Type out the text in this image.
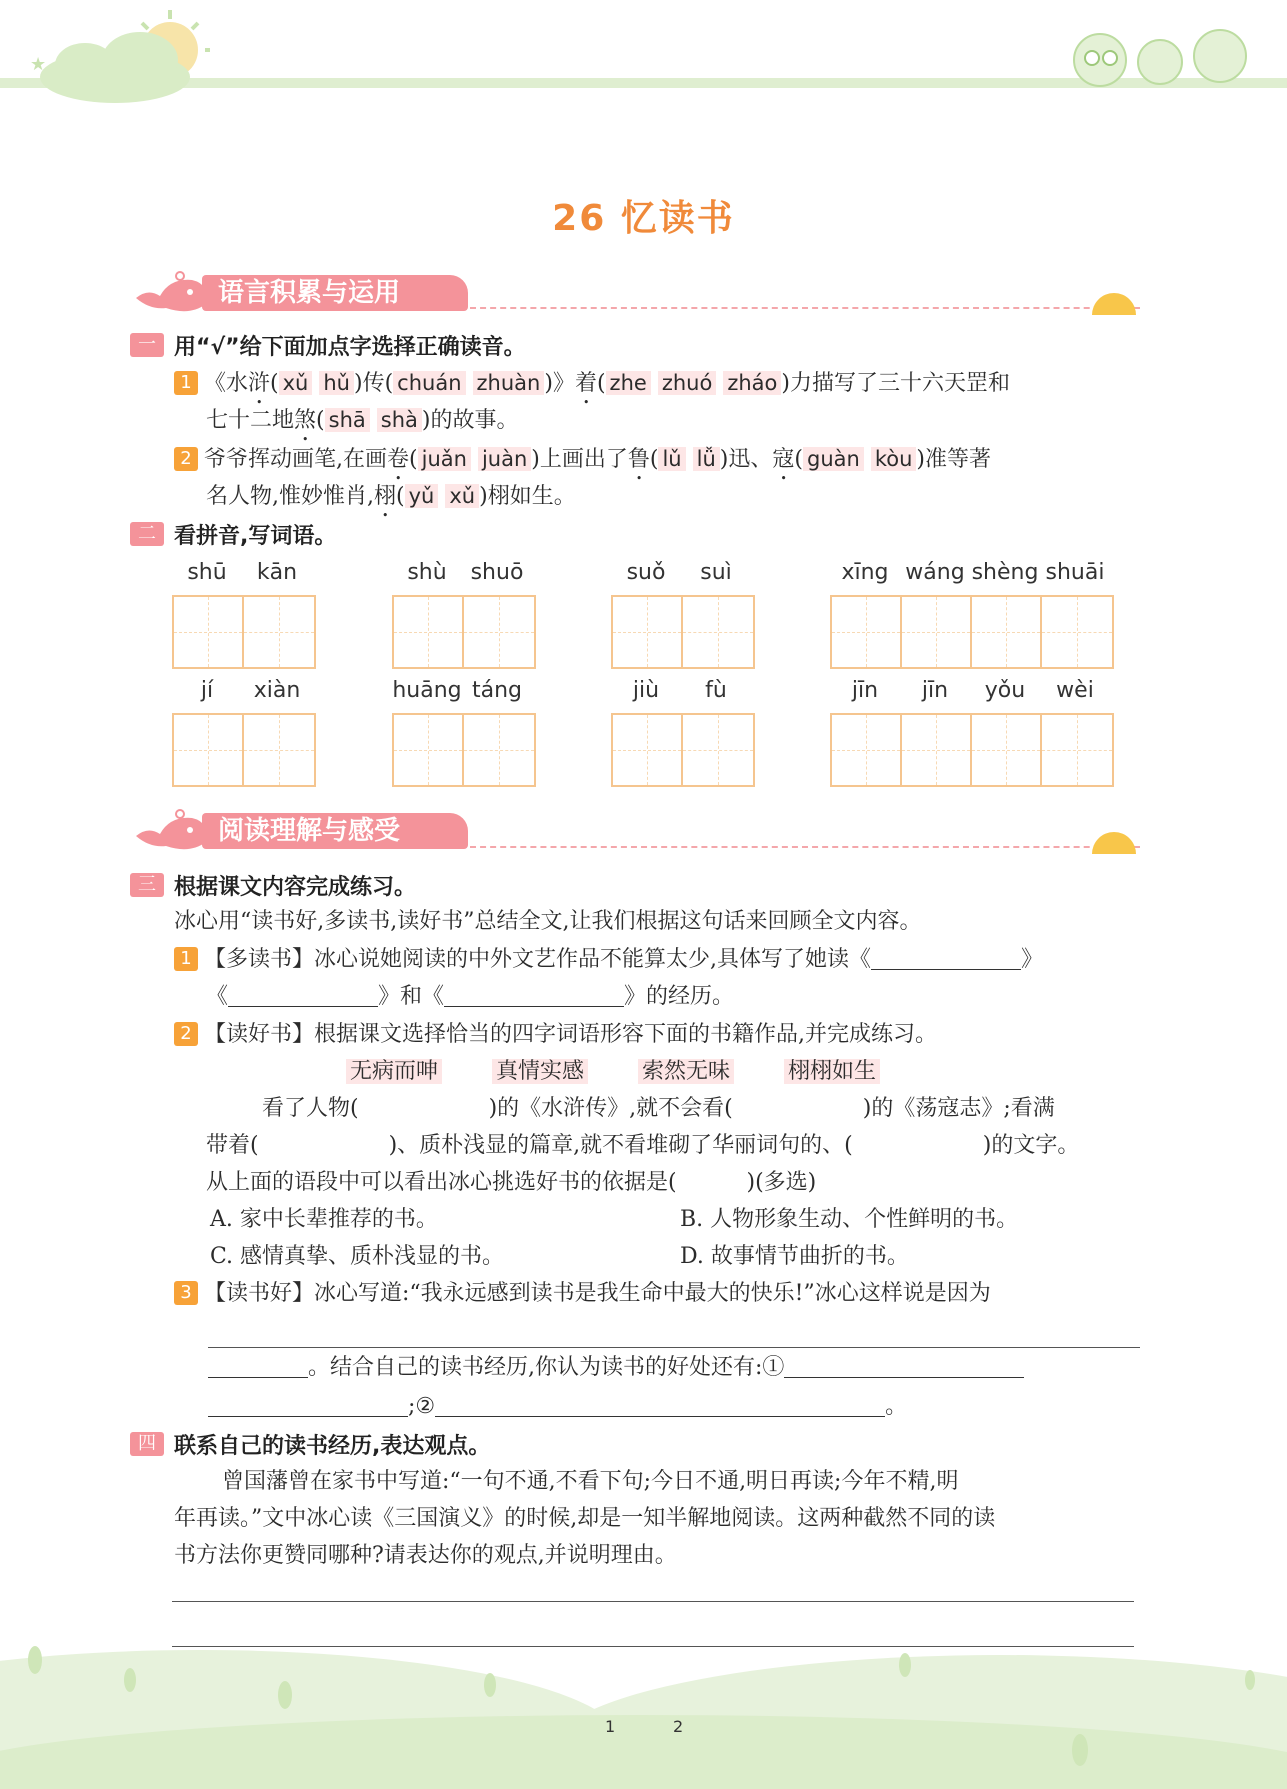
★
26 忆读书
语言积累与运用
一 用“√”给下面加点字选择正确读音。
1 《水浒( xǔ hǔ )传( chuán zhuàn )》着( zhe zhuó zháo )力描写了三十六天罡和
七十二地煞( shā shà )的故事。
2 爷爷挥动画笔,在画卷( juǎn juàn )上画出了鲁( lǔ lǚ )迅、寇( guàn kòu )准等著
名人物,惟妙惟肖,栩( yǔ xǔ )栩如生。
二 看拼音,写词语。
shū	kān	shù	shuō	suǒ	suì	xīng wáng shèng shuāi
jí	xiàn	huāng táng	jiù	fù	jīn	jīn	yǒu	wèi
阅读理解与感受
三 根据课文内容完成练习。
冰心用“读书好,多读书,读好书”总结全文,让我们根据这句话来回顾全文内容。
1 【多读书】冰心说她阅读的中外文艺作品不能算太少,具体写了她读《	》
《	》和《	》的经历。
2 【读好书】根据课文选择恰当的四字词语形容下面的书籍作品,并完成练习。
无病而呻	真情实感	索然无味	栩栩如生
看了人物(	)的《水浒传》,就不会看(	)的《荡寇志》;看满
带着(	)、质朴浅显的篇章,就不看堆砌了华丽词句的、(	)的文字。
从上面的语段中可以看出冰心挑选好书的依据是(          )(多选)
A. 家中长辈推荐的书。	B. 人物形象生动、个性鲜明的书。
C. 感情真挚、质朴浅显的书。	D. 故事情节曲折的书。
3 【读书好】冰心写道:“我永远感到读书是我生命中最大的快乐!”冰心这样说是因为
。结合自己的读书经历,你认为读书的好处还有:①
;②	。
四 联系自己的读书经历,表达观点。
曾国藩曾在家书中写道:“一句不通,不看下句;今日不通,明日再读;今年不精,明
年再读。”文中冰心读《三国演义》的时候,却是一知半解地阅读。这两种截然不同的读
书方法你更赞同哪种?请表达你的观点,并说明理由。
1	2
